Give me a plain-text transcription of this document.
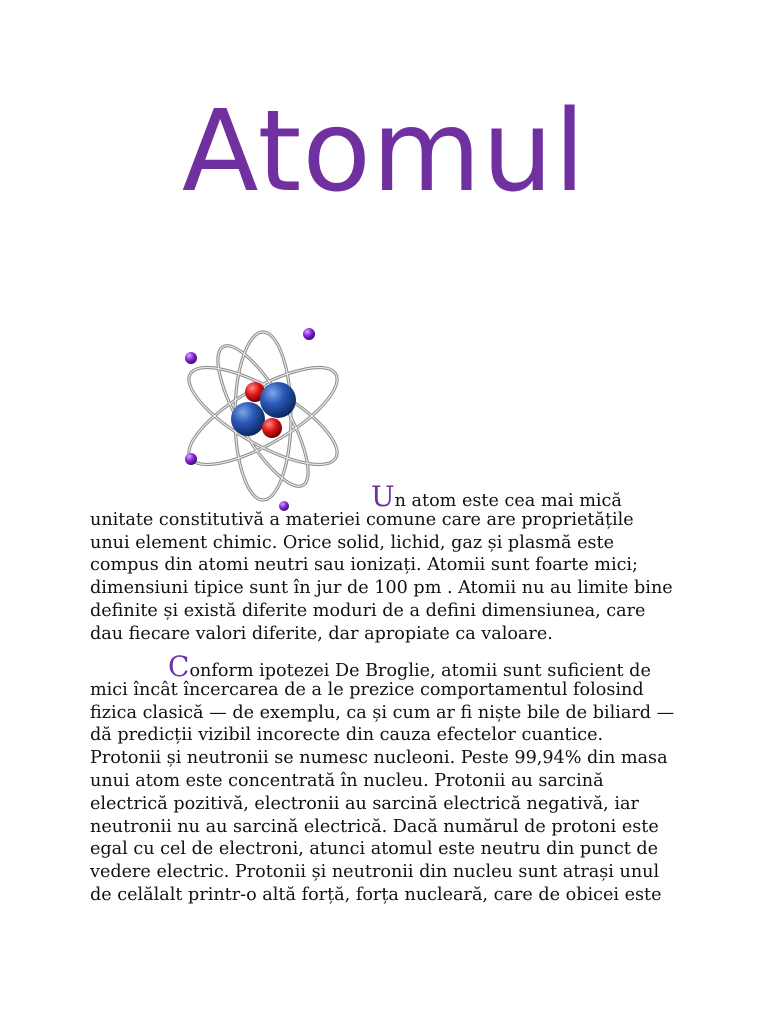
Atomul
Un atom este cea mai mică
unitate constitutivă a materiei comune care are proprietățile
unui element chimic. Orice solid, lichid, gaz și plasmă este
compus din atomi neutri sau ionizați. Atomii sunt foarte mici;
dimensiuni tipice sunt în jur de 100 pm . Atomii nu au limite bine
definite și există diferite moduri de a defini dimensiunea, care
dau fiecare valori diferite, dar apropiate ca valoare.
Conform ipotezei De Broglie, atomii sunt suficient de
mici încât încercarea de a le prezice comportamentul folosind
fizica clasică — de exemplu, ca și cum ar fi niște bile de biliard —
dă predicții vizibil incorecte din cauza efectelor cuantice.
Protonii și neutronii se numesc nucleoni. Peste 99,94% din masa
unui atom este concentrată în nucleu. Protonii au sarcină
electrică pozitivă, electronii au sarcină electrică negativă, iar
neutronii nu au sarcină electrică. Dacă numărul de protoni este
egal cu cel de electroni, atunci atomul este neutru din punct de
vedere electric. Protonii și neutronii din nucleu sunt atrași unul
de celălalt printr-o altă forță, forța nucleară, care de obicei este
